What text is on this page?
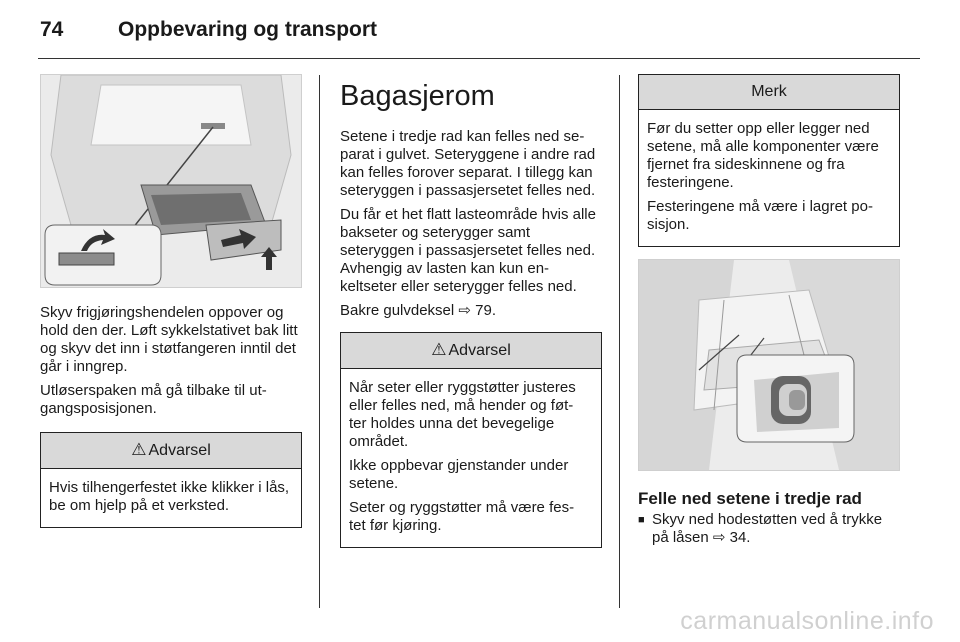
74	Oppbevaring og transport

Skyv frigjøringshendelen oppover og hold den der. Løft sykkelstativet bak litt og skyv det inn i støtfangeren inntil det går i inngrep.

Utløserspaken må gå tilbake til ut- gangsposisjonen.

⚠ Advarsel

Hvis tilhengerfestet ikke klikker i lås, be om hjelp på et verksted.

Bagasjerom

Setene i tredje rad kan felles ned se- parat i gulvet. Seteryggene i andre rad kan felles forover separat. I tillegg kan seteryggen i passasjersetet felles ned.

Du får et het flatt lasteområde hvis alle bakseter og seterygger samt seteryggen i passasjersetet felles ned. Avhengig av lasten kan kun en- keltseter eller seterygger felles ned.

Bakre gulvdeksel ⇨ 79.

⚠ Advarsel

Når seter eller ryggstøtter justeres eller felles ned, må hender og føt- ter holdes unna det bevegelige området.

Ikke oppbevar gjenstander under setene.

Seter og ryggstøtter må være fes- tet før kjøring.

Merk

Før du setter opp eller legger ned setene, må alle komponenter være fjernet fra sideskinnene og fra festeringene.

Festeringene må være i lagret po- sisjon.

Felle ned setene i tredje rad
■ Skyv ned hodestøtten ved å trykke på låsen ⇨ 34.
carmanualsonline.info
